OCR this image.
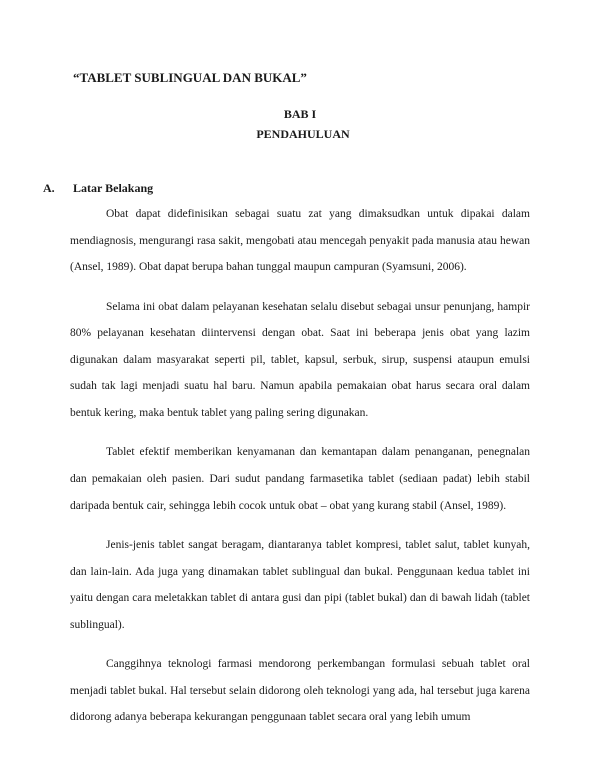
“TABLET SUBLINGUAL DAN BUKAL”
BAB I
PENDAHULUAN
A. Latar Belakang

Obat dapat didefinisikan sebagai suatu zat yang dimaksudkan untuk dipakai dalam mendiagnosis, mengurangi rasa sakit, mengobati atau mencegah penyakit pada manusia atau hewan (Ansel, 1989). Obat dapat berupa bahan tunggal maupun campuran (Syamsuni, 2006).

Selama ini obat dalam pelayanan kesehatan selalu disebut sebagai unsur penunjang, hampir 80% pelayanan kesehatan diintervensi dengan obat. Saat ini beberapa jenis obat yang lazim digunakan dalam masyarakat seperti pil, tablet, kapsul, serbuk, sirup, suspensi ataupun emulsi sudah tak lagi menjadi suatu hal baru. Namun apabila pemakaian obat harus secara oral dalam bentuk kering, maka bentuk tablet yang paling sering digunakan.

Tablet efektif memberikan kenyamanan dan kemantapan dalam penanganan, penegnalan dan pemakaian oleh pasien. Dari sudut pandang farmasetika tablet (sediaan padat) lebih stabil daripada bentuk cair, sehingga lebih cocok untuk obat – obat yang kurang stabil (Ansel, 1989).

Jenis-jenis tablet sangat beragam, diantaranya tablet kompresi, tablet salut, tablet kunyah, dan lain-lain. Ada juga yang dinamakan tablet sublingual dan bukal. Penggunaan kedua tablet ini yaitu dengan cara meletakkan tablet di antara gusi dan pipi (tablet bukal) dan di bawah lidah (tablet sublingual).

Canggihnya teknologi farmasi mendorong perkembangan formulasi sebuah tablet oral menjadi tablet bukal. Hal tersebut selain didorong oleh teknologi yang ada, hal tersebut juga karena didorong adanya beberapa kekurangan penggunaan tablet secara oral yang lebih umum
